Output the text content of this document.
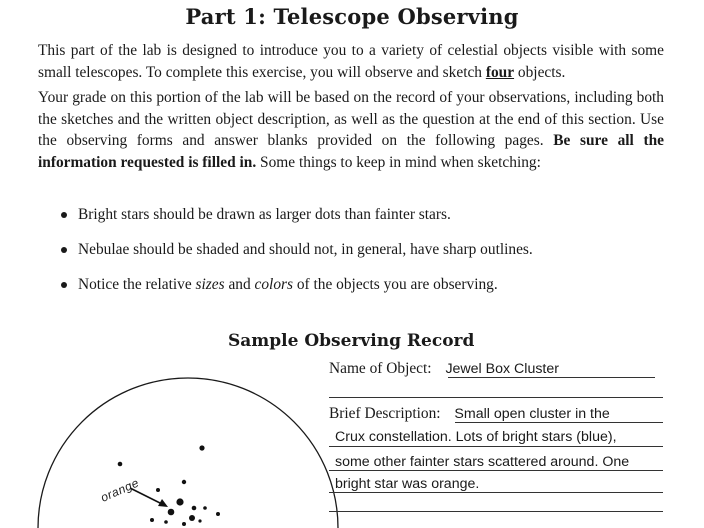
Part 1: Telescope Observing

This part of the lab is designed to introduce you to a variety of celestial objects visible with some small telescopes. To complete this exercise, you will observe and sketch four objects.

Your grade on this portion of the lab will be based on the record of your observations, including both the sketches and the written object description, as well as the question at the end of this section. Use the observing forms and answer blanks provided on the following pages. Be sure all the information requested is filled in. Some things to keep in mind when sketching:

Bright stars should be drawn as larger dots than fainter stars.
Nebulae should be shaded and should not, in general, have sharp outlines.
Notice the relative sizes and colors of the objects you are observing.
Sample Observing Record
orange
Name of Object: Jewel Box Cluster
Brief Description: Small open cluster in the
Crux constellation. Lots of bright stars (blue),
some other fainter stars scattered around. One
bright star was orange.
